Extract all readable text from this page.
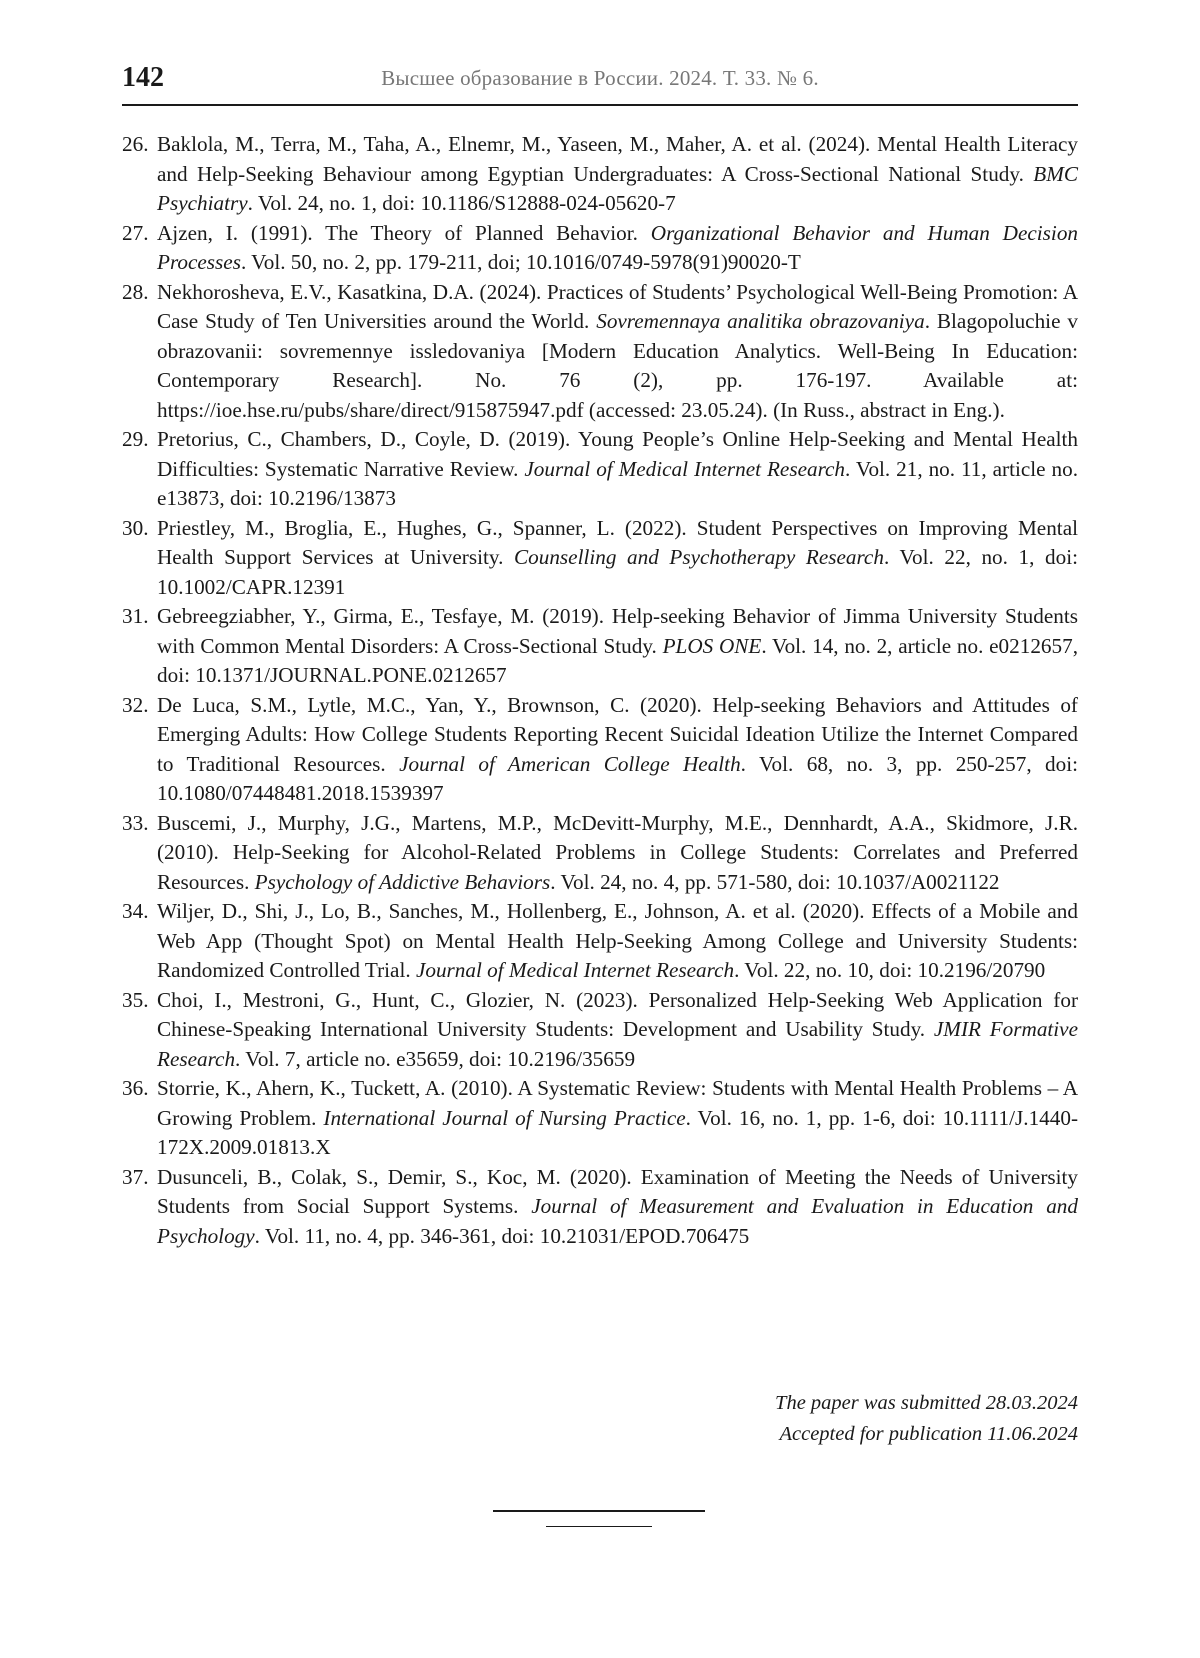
142	Высшее образование в России. 2024. Т. 33. № 6.
26. Baklola, M., Terra, M., Taha, A., Elnemr, M., Yaseen, M., Maher, A. et al. (2024). Mental Health Literacy and Help-Seeking Behaviour among Egyptian Undergraduates: A Cross-Sectional National Study. BMC Psychiatry. Vol. 24, no. 1, doi: 10.1186/S12888-024-05620-7
27. Ajzen, I. (1991). The Theory of Planned Behavior. Organizational Behavior and Human Decision Processes. Vol. 50, no. 2, pp. 179-211, doi; 10.1016/0749-5978(91)90020-T
28. Nekhorosheva, E.V., Kasatkina, D.A. (2024). Practices of Students’ Psychological Well-Being Promotion: A Case Study of Ten Universities around the World. Sovremennaya analitika obrazovaniya. Blagopoluchie v obrazovanii: sovremennye issledovaniya [Modern Education Analytics. Well-Being In Education: Contemporary Research]. No. 76 (2), pp. 176-197. Available at: https://ioe.hse.ru/pubs/share/direct/915875947.pdf (accessed: 23.05.24). (In Russ., abstract in Eng.).
29. Pretorius, C., Chambers, D., Coyle, D. (2019). Young People’s Online Help-Seeking and Mental Health Difficulties: Systematic Narrative Review. Journal of Medical Internet Research. Vol. 21, no. 11, article no. e13873, doi: 10.2196/13873
30. Priestley, M., Broglia, E., Hughes, G., Spanner, L. (2022). Student Perspectives on Improving Mental Health Support Services at University. Counselling and Psychotherapy Research. Vol. 22, no. 1, doi: 10.1002/CAPR.12391
31. Gebreegziabher, Y., Girma, E., Tesfaye, M. (2019). Help-seeking Behavior of Jimma University Students with Common Mental Disorders: A Cross-Sectional Study. PLOS ONE. Vol. 14, no. 2, article no. e0212657, doi: 10.1371/JOURNAL.PONE.0212657
32. De Luca, S.M., Lytle, M.C., Yan, Y., Brownson, C. (2020). Help-seeking Behaviors and Attitudes of Emerging Adults: How College Students Reporting Recent Suicidal Ideation Utilize the Internet Compared to Traditional Resources. Journal of American College Health. Vol. 68, no. 3, pp. 250-257, doi: 10.1080/07448481.2018.1539397
33. Buscemi, J., Murphy, J.G., Martens, M.P., McDevitt-Murphy, M.E., Dennhardt, A.A., Skidmore, J.R. (2010). Help-Seeking for Alcohol-Related Problems in College Students: Correlates and Preferred Resources. Psychology of Addictive Behaviors. Vol. 24, no. 4, pp. 571-580, doi: 10.1037/A0021122
34. Wiljer, D., Shi, J., Lo, B., Sanches, M., Hollenberg, E., Johnson, A. et al. (2020). Effects of a Mobile and Web App (Thought Spot) on Mental Health Help-Seeking Among College and University Students: Randomized Controlled Trial. Journal of Medical Internet Research. Vol. 22, no. 10, doi: 10.2196/20790
35. Choi, I., Mestroni, G., Hunt, C., Glozier, N. (2023). Personalized Help-Seeking Web Application for Chinese-Speaking International University Students: Development and Usability Study. JMIR Formative Research. Vol. 7, article no. e35659, doi: 10.2196/35659
36. Storrie, K., Ahern, K., Tuckett, A. (2010). A Systematic Review: Students with Mental Health Problems – A Growing Problem. International Journal of Nursing Practice. Vol. 16, no. 1, pp. 1-6, doi: 10.1111/J.1440-172X.2009.01813.X
37. Dusunceli, B., Colak, S., Demir, S., Koc, M. (2020). Examination of Meeting the Needs of University Students from Social Support Systems. Journal of Measurement and Evaluation in Education and Psychology. Vol. 11, no. 4, pp. 346-361, doi: 10.21031/EPOD.706475
The paper was submitted 28.03.2024
Accepted for publication 11.06.2024
